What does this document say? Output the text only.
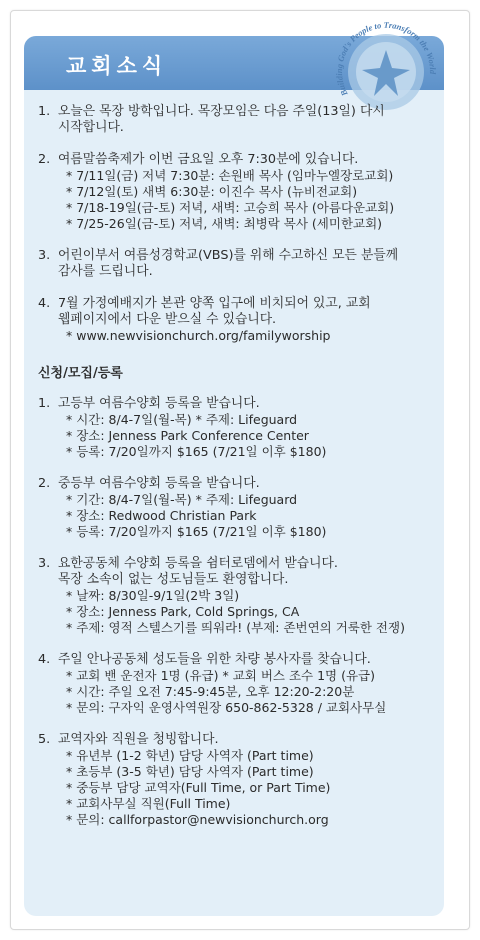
교회소식
Building God's People to Transform the World
1. 오늘은 목장 방학입니다. 목장모임은 다음 주일(13일) 다시
시작합니다.
2. 여름말씀축제가 이번 금요일 오후 7:30분에 있습니다.
* 7/11일(금) 저녁 7:30분: 손원배 목사 (임마누엘장로교회)
* 7/12일(토) 새벽 6:30분: 이진수 목사 (뉴비전교회)
* 7/18-19일(금-토) 저녁, 새벽: 고승희 목사 (아름다운교회)
* 7/25-26일(금-토) 저녁, 새벽: 최병락 목사 (세미한교회)
3. 어린이부서 여름성경학교(VBS)를 위해 수고하신 모든 분들께
감사를 드립니다.
4. 7월 가정예배지가 본관 양쪽 입구에 비치되어 있고, 교회
웹페이지에서 다운 받으실 수 있습니다.
* www.newvisionchurch.org/familyworship
신청/모집/등록
1. 고등부 여름수양회 등록을 받습니다.
* 시간: 8/4-7일(월-목) * 주제: Lifeguard
* 장소: Jenness Park Conference Center
* 등록: 7/20일까지 $165 (7/21일 이후 $180)
2. 중등부 여름수양회 등록을 받습니다.
* 기간: 8/4-7일(월-목) * 주제: Lifeguard
* 장소: Redwood Christian Park
* 등록: 7/20일까지 $165 (7/21일 이후 $180)
3. 요한공동체 수양회 등록을 쉼터로뎀에서 받습니다.
목장 소속이 없는 성도님들도 환영합니다.
* 날짜: 8/30일-9/1일(2박 3일)
* 장소: Jenness Park, Cold Springs, CA
* 주제: 영적 스텔스기를 띄워라! (부제: 존번연의 거룩한 전쟁)
4. 주일 안나공동체 성도들을 위한 차량 봉사자를 찾습니다.
* 교회 밴 운전자 1명 (유급) * 교회 버스 조수 1명 (유급)
* 시간: 주일 오전 7:45-9:45분, 오후 12:20-2:20분
* 문의: 구자익 운영사역원장 650-862-5328 / 교회사무실
5. 교역자와 직원을 청빙합니다.
* 유년부 (1-2 학년) 담당 사역자 (Part time)
* 초등부 (3-5 학년) 담당 사역자 (Part time)
* 중등부 담당 교역자(Full Time, or Part Time)
* 교회사무실 직원(Full Time)
* 문의: callforpastor@newvisionchurch.org
